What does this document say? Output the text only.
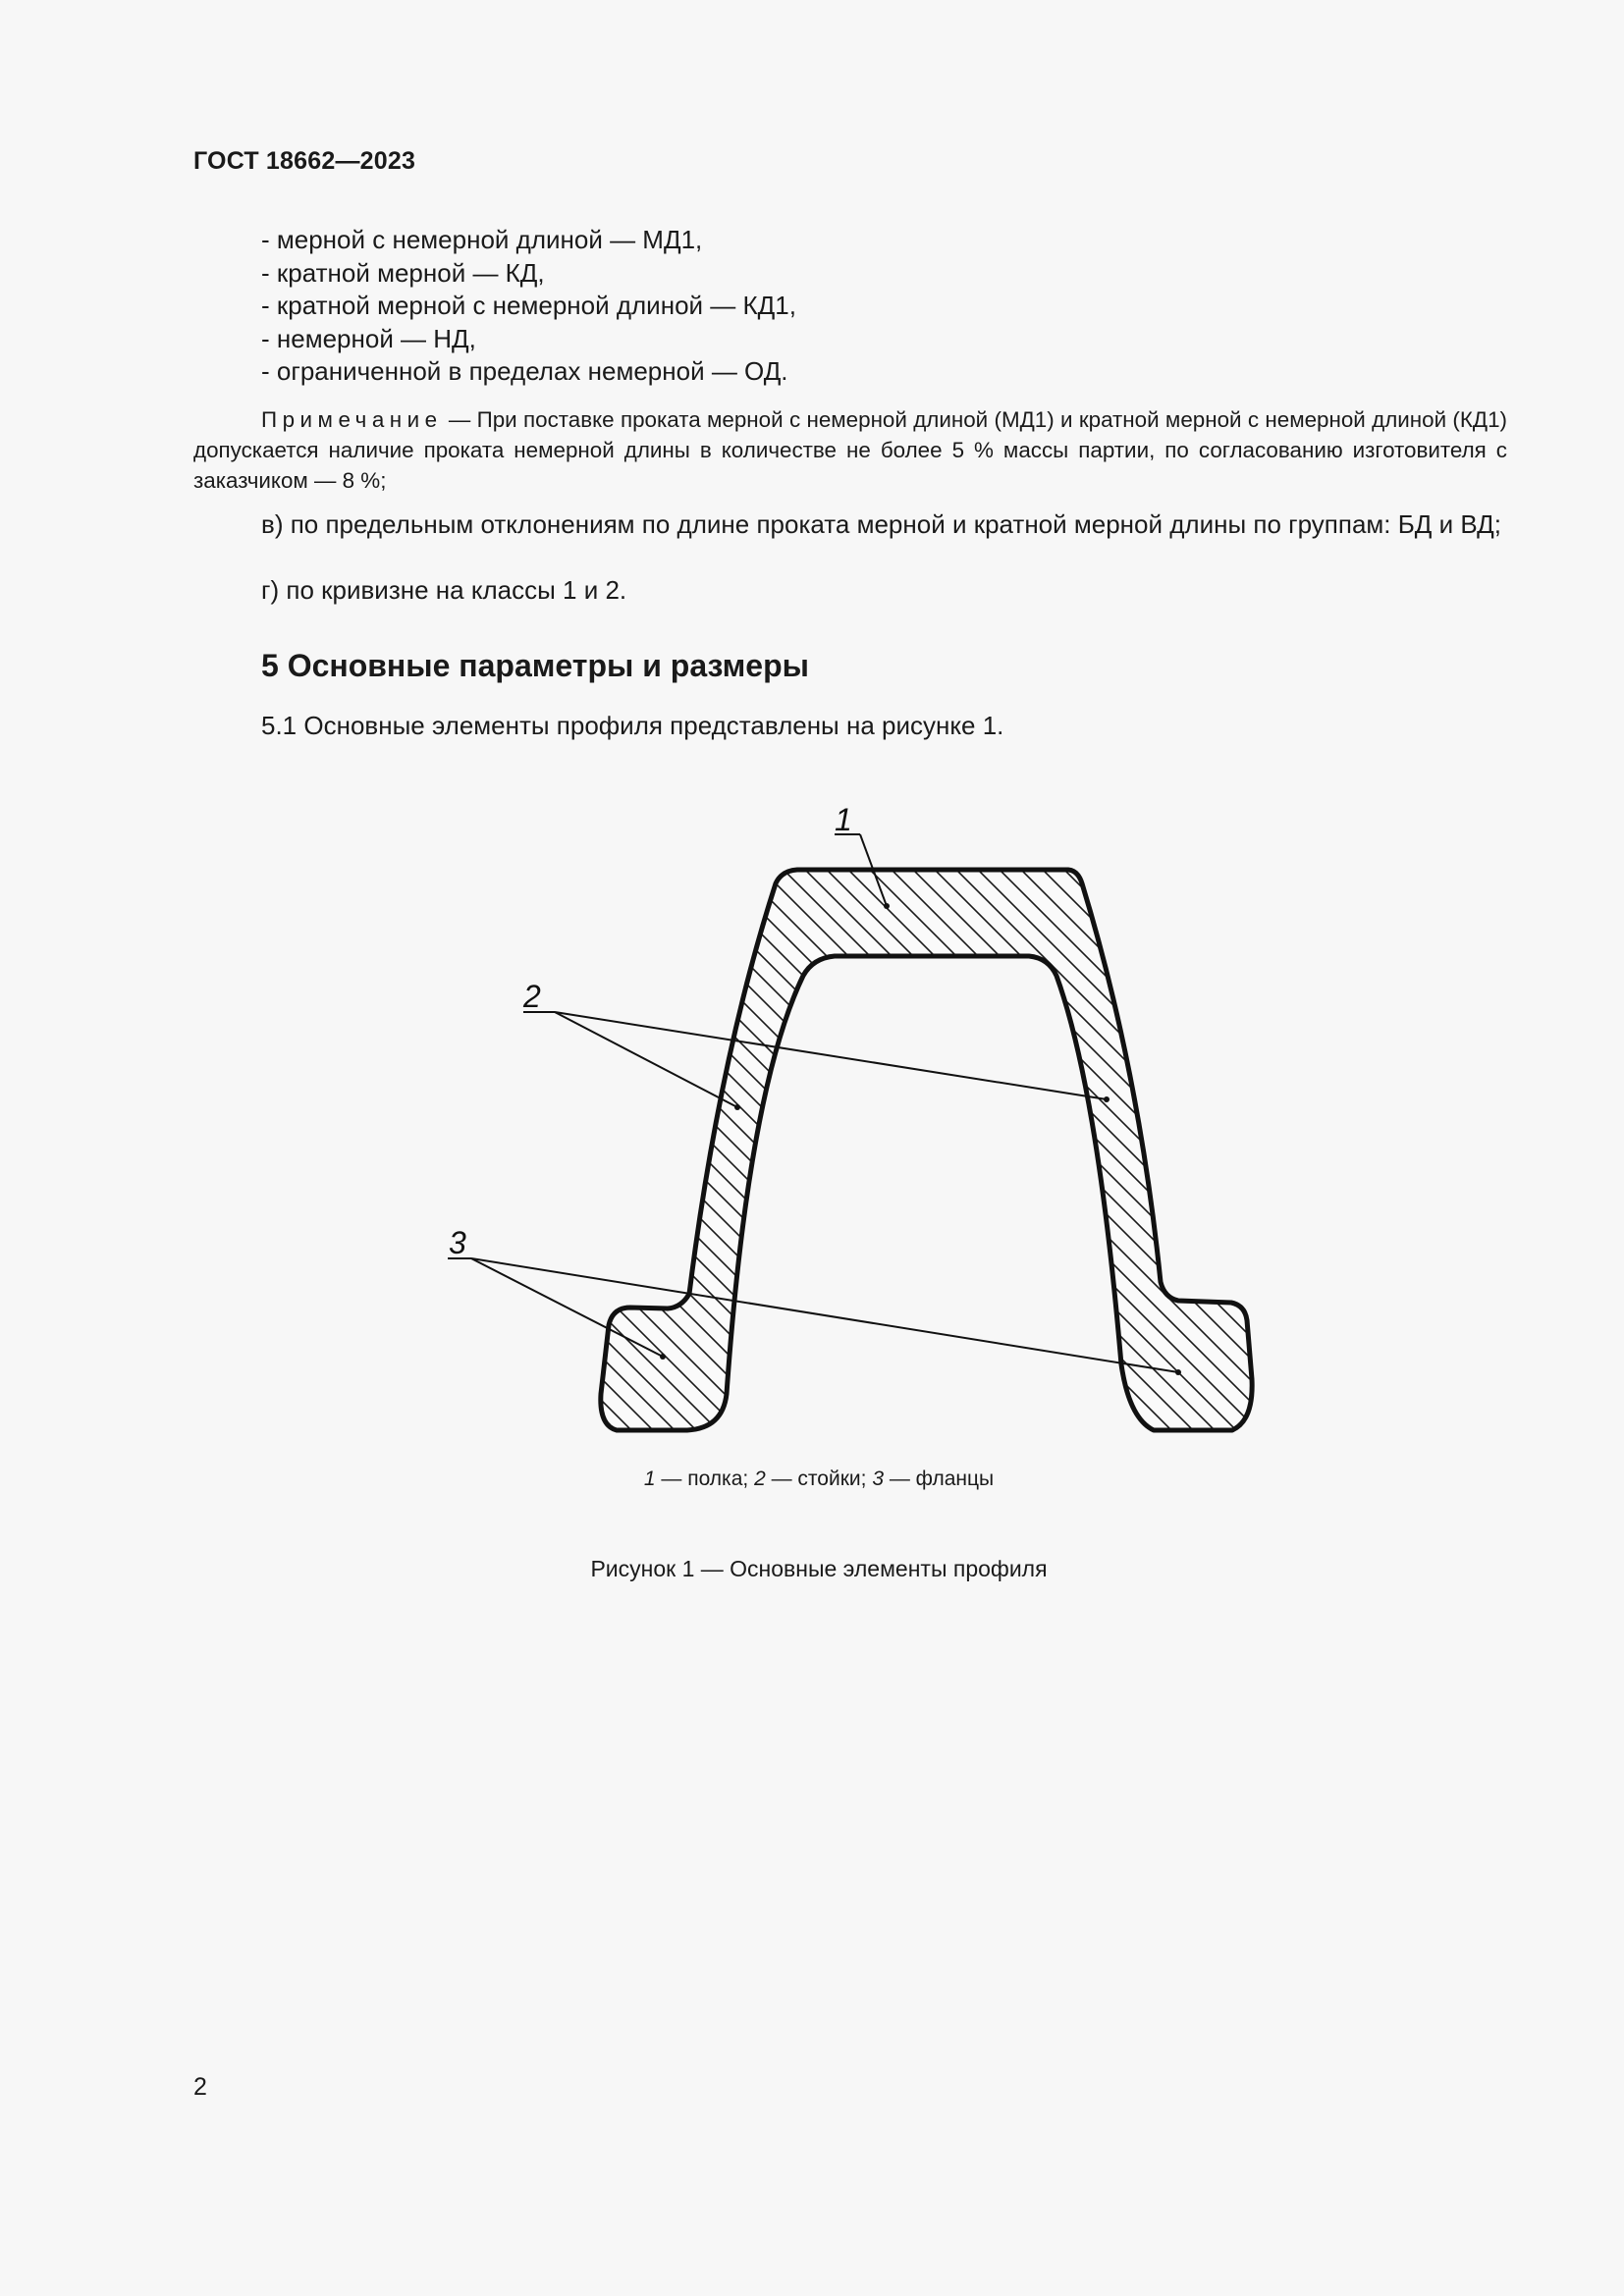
ГОСТ 18662—2023
- мерной с немерной длиной — МД1,
- кратной мерной — КД,
- кратной мерной с немерной длиной — КД1,
- немерной — НД,
- ограниченной в пределах немерной — ОД.
Примечание — При поставке проката мерной с немерной длиной (МД1) и кратной мерной с немерной длиной (КД1) допускается наличие проката немерной длины в количестве не более 5 % массы партии, по согласованию изготовителя с заказчиком — 8 %;
в) по предельным отклонениям по длине проката мерной и кратной мерной длины по группам: БД и ВД;
г) по кривизне на классы 1 и 2.
5 Основные параметры и размеры
5.1 Основные элементы профиля представлены на рисунке 1.
1
2
3
1 — полка; 2 — стойки; 3 — фланцы
Рисунок 1 — Основные элементы профиля
2
